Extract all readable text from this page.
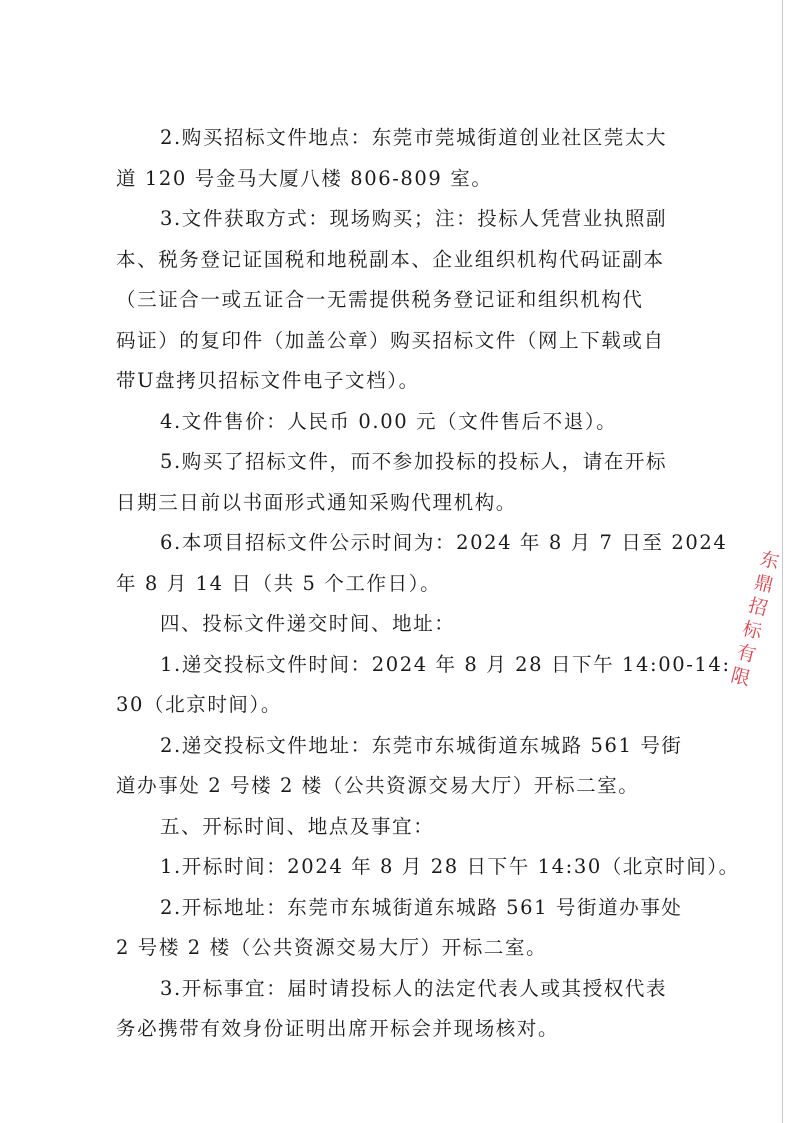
2.购买招标文件地点：东莞市莞城街道创业社区莞太大
道 120 号金马大厦八楼 806-809 室。
3.文件获取方式：现场购买；注：投标人凭营业执照副
本、税务登记证国税和地税副本、企业组织机构代码证副本
（三证合一或五证合一无需提供税务登记证和组织机构代
码证）的复印件（加盖公章）购买招标文件（网上下载或自
带U盘拷贝招标文件电子文档）。
4.文件售价：人民币 0.00 元（文件售后不退）。
5.购买了招标文件，而不参加投标的投标人，请在开标
日期三日前以书面形式通知采购代理机构。
6.本项目招标文件公示时间为：2024 年 8 月 7 日至 2024
年 8 月 14 日（共 5 个工作日）。
四、投标文件递交时间、地址：
1.递交投标文件时间：2024 年 8 月 28 日下午 14:00-14:
30（北京时间）。
2.递交投标文件地址：东莞市东城街道东城路 561 号街
道办事处 2 号楼 2 楼（公共资源交易大厅）开标二室。
五、开标时间、地点及事宜：
1.开标时间：2024 年 8 月 28 日下午 14:30（北京时间）。
2.开标地址：东莞市东城街道东城路 561 号街道办事处
2 号楼 2 楼（公共资源交易大厅）开标二室。
3.开标事宜：届时请投标人的法定代表人或其授权代表
务必携带有效身份证明出席开标会并现场核对。
东
鼎
招
标
有
限
